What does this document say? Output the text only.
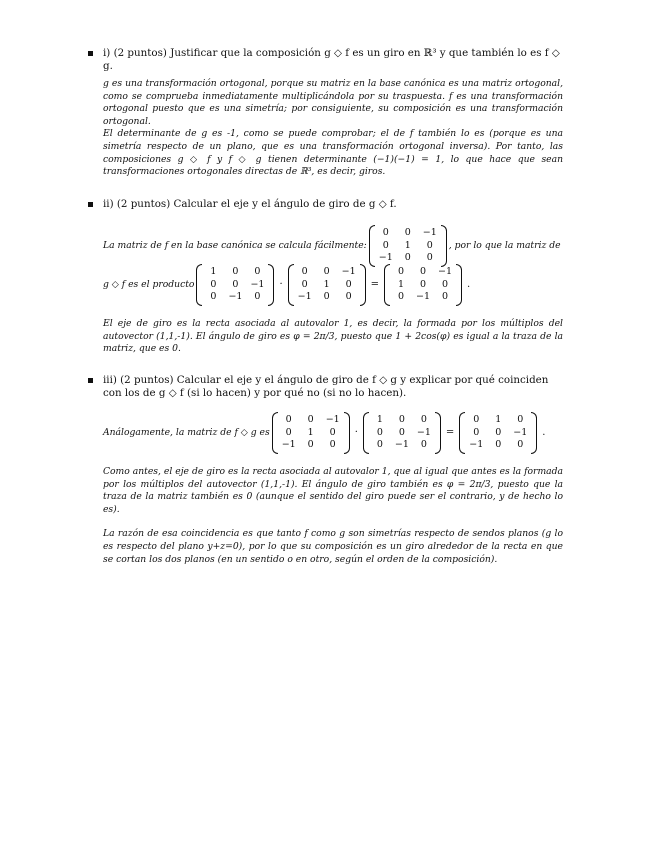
i) (2 puntos) Justificar que la composición g ◇ f es un giro en ℝ³ y que también lo es f ◇ g.

g es una transformación ortogonal, porque su matriz en la base canónica es una matriz ortogonal, como se comprueba inmediatamente multiplicándola por su traspuesta. f es una transformación ortogonal puesto que es una simetría; por consiguiente, su composición es una transformación ortogonal.

El determinante de g es -1, como se puede comprobar; el de f también lo es (porque es una simetría respecto de un plano, que es una transformación ortogonal inversa). Por tanto, las composiciones g ◇ f y f ◇ g tienen determinante (−1)(−1) = 1, lo que hace que sean transformaciones ortogonales directas de ℝ³, es decir, giros.

ii) (2 puntos) Calcular el eje y el ángulo de giro de g ◇ f.
La matriz de f en la base canónica se calcula fácilmente:
0	0	−1
0	1	0
−1	0	0
, por lo que la matriz de
g ◇ f es el producto
1	0	0
0	0	−1
0	−1	0
·
0	0	−1
0	1	0
−1	0	0
=
0	0	−1
1	0	0
0	−1	0
.

El eje de giro es la recta asociada al autovalor 1, es decir, la formada por los múltiplos del autovector (1,1,-1). El ángulo de giro es φ = 2π/3, puesto que 1 + 2cos(φ) es igual a la traza de la matriz, que es 0.

iii) (2 puntos) Calcular el eje y el ángulo de giro de f ◇ g y explicar por qué coinciden con los de g ◇ f (si lo hacen) y por qué no (si no lo hacen).
Análogamente, la matriz de f ◇ g es
0	0	−1
0	1	0
−1	0	0
·
1	0	0
0	0	−1
0	−1	0
=
0	1	0
0	0	−1
−1	0	0
.

Como antes, el eje de giro es la recta asociada al autovalor 1, que al igual que antes es la formada por los múltiplos del autovector (1,1,-1). El ángulo de giro también es φ = 2π/3, puesto que la traza de la matriz también es 0 (aunque el sentido del giro puede ser el contrario, y de hecho lo es).

La razón de esa coincidencia es que tanto f como g son simetrías respecto de sendos planos (g lo es respecto del plano y+z=0), por lo que su composición es un giro alrededor de la recta en que se cortan los dos planos (en un sentido o en otro, según el orden de la composición).
